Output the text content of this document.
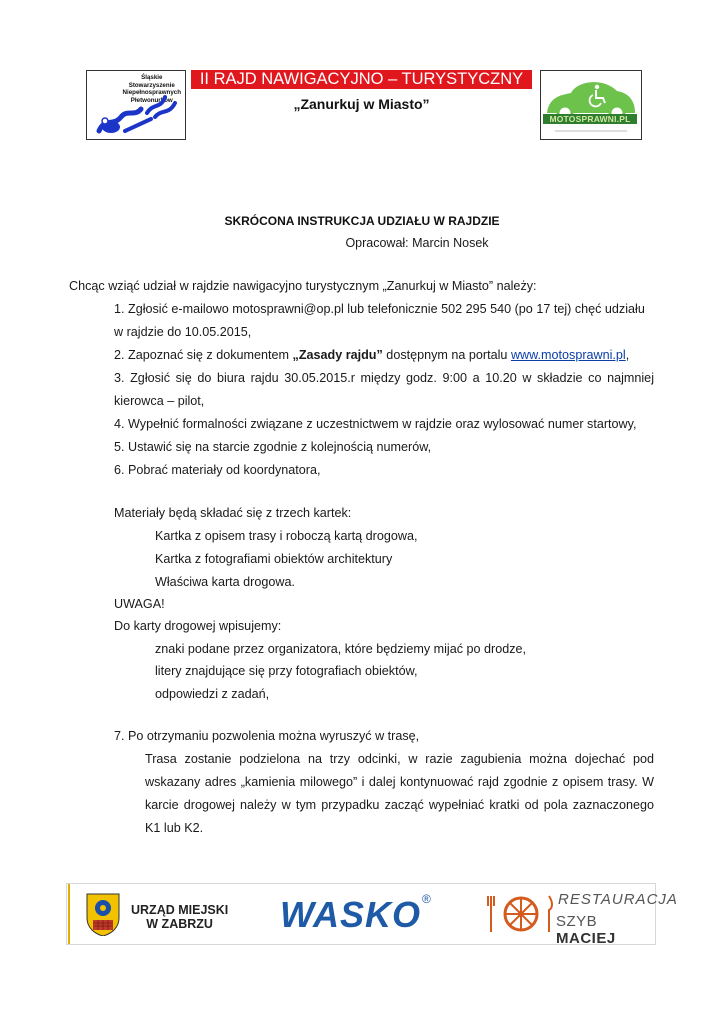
Śląskie
Stowarzyszenie
Niepełnosprawnych
Płetwonurków
II RAJD NAWIGACYJNO – TURYSTYCZNY
„Zanurkuj w Miasto”
MOTOSPRAWNI.PL
SKRÓCONA INSTRUKCJA UDZIAŁU W RAJDZIE
Opracował: Marcin Nosek
Chcąc wziąć udział w rajdzie nawigacyjno turystycznym „Zanurkuj w Miasto” należy:
1. Zgłosić e-mailowo motosprawni@op.pl lub telefonicznie 502 295 540 (po 17 tej) chęć udziału
w rajdzie do 10.05.2015,
2. Zapoznać się z dokumentem „Zasady rajdu” dostępnym na portalu www.motosprawni.pl,
3. Zgłosić się do biura rajdu 30.05.2015.r między godz. 9:00 a 10.20 w składzie co najmniej
kierowca – pilot,
4. Wypełnić formalności związane z uczestnictwem w rajdzie oraz wylosować numer startowy,
5. Ustawić się na starcie zgodnie z kolejnością numerów,
6. Pobrać materiały od koordynatora,
Materiały będą składać się z trzech kartek:
Kartka z opisem trasy i roboczą kartą drogowa,
Kartka z fotografiami obiektów architektury
Właściwa karta drogowa.
UWAGA!
Do karty drogowej wpisujemy:
znaki podane przez organizatora, które będziemy mijać po drodze,
litery znajdujące się przy fotografiach obiektów,
odpowiedzi z zadań,
7. Po otrzymaniu pozwolenia można wyruszyć w trasę,
Trasa zostanie podzielona na trzy odcinki, w razie zagubienia można dojechać pod
wskazany adres „kamienia milowego” i dalej kontynuować rajd zgodnie z opisem trasy. W
karcie drogowej należy w tym przypadku zacząć wypełniać kratki od pola zaznaczonego
K1 lub K2.
URZĄD MIEJSKI
W ZABRZU	WASKO ®	RESTAURACJA
SZYB MACIEJ
